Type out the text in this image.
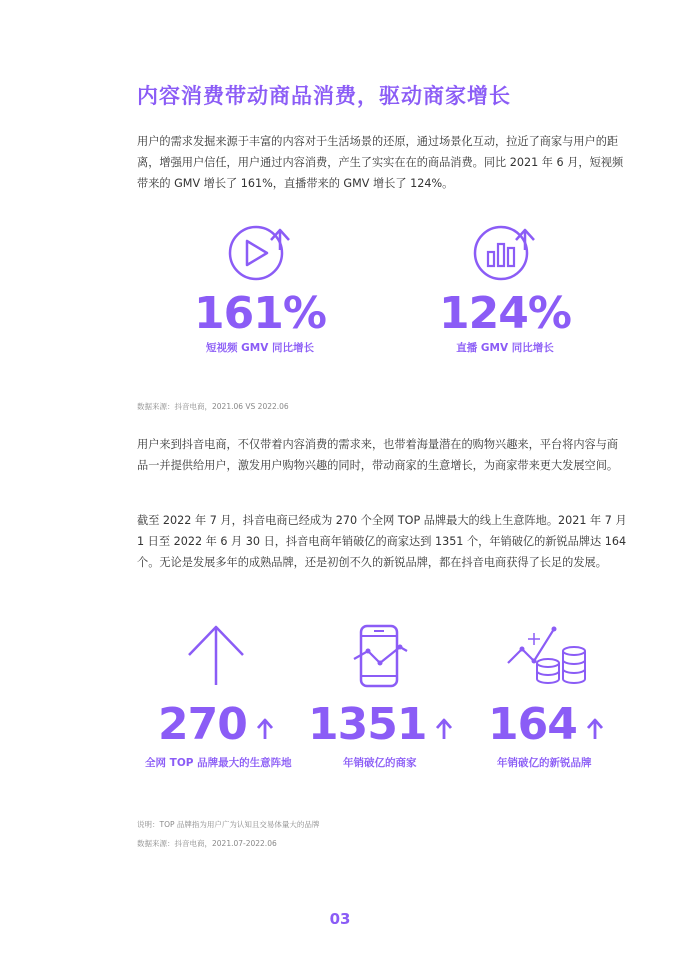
内容消费带动商品消费，驱动商家增长
用户的需求发掘来源于丰富的内容对于生活场景的还原，通过场景化互动，拉近了商家与用户的距离，增强用户信任，用户通过内容消费，产生了实实在在的商品消费。同比 2021 年 6 月，短视频带来的 GMV 增长了 161%，直播带来的 GMV 增长了 124%。
161%
短视频 GMV 同比增长
124%
直播 GMV 同比增长
数据来源：抖音电商，2021.06 VS 2022.06
用户来到抖音电商，不仅带着内容消费的需求来，也带着海量潜在的购物兴趣来，平台将内容与商品一并提供给用户，激发用户购物兴趣的同时，带动商家的生意增长，为商家带来更大发展空间。
截至 2022 年 7 月，抖音电商已经成为 270 个全网 TOP 品牌最大的线上生意阵地。2021 年 7 月 1 日至 2022 年 6 月 30 日，抖音电商年销破亿的商家达到 1351 个，年销破亿的新锐品牌达 164 个。无论是发展多年的成熟品牌，还是初创不久的新锐品牌，都在抖音电商获得了长足的发展。
270 1351 164
全网 TOP 品牌最大的生意阵地	年销破亿的商家	年销破亿的新锐品牌
说明：TOP 品牌指为用户广为认知且交易体量大的品牌
数据来源：抖音电商，2021.07-2022.06
03
